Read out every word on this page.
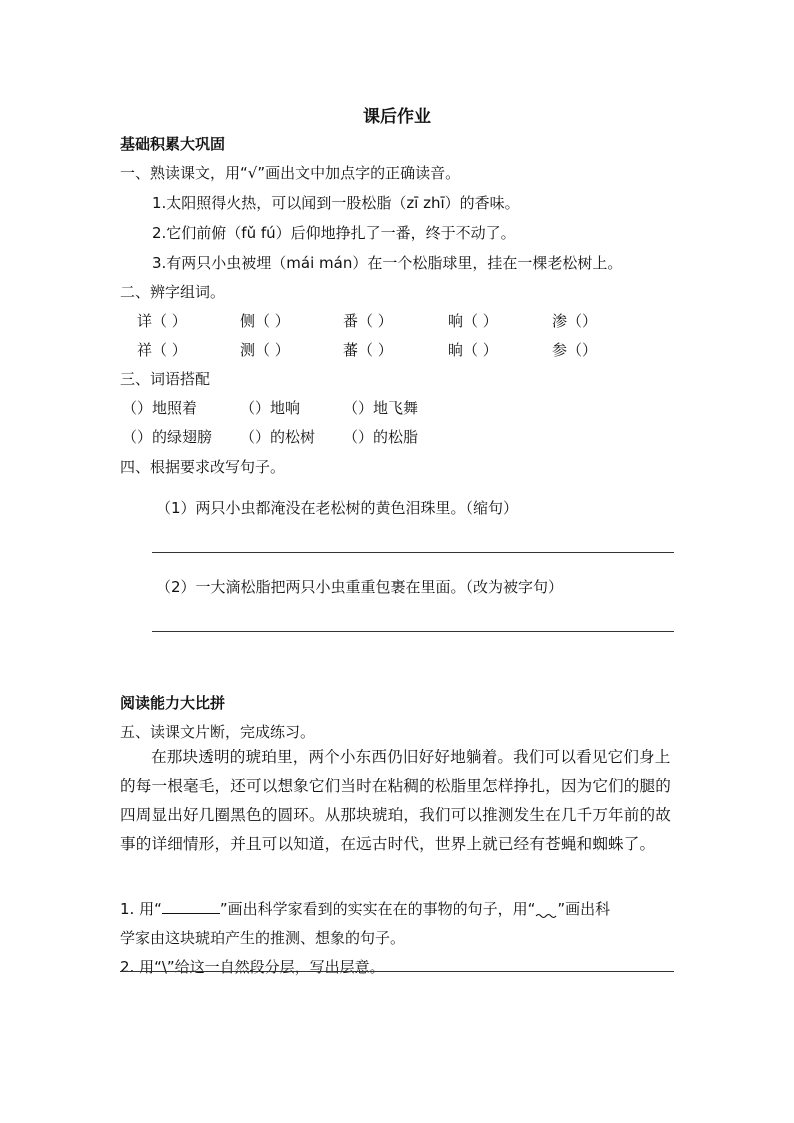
课后作业
基础积累大巩固
一、熟读课文，用“√”画出文中加点字的正确读音。
1.太阳照得火热，可以闻到一股松脂（zī zhī）的香味。
2.它们前俯（fǔ fú）后仰地挣扎了一番，终于不动了。
3.有两只小虫被埋（mái mán）在一个松脂球里，挂在一棵老松树上。
二、辨字组词。
详（ ）	侧（ ）	番（ ）	响（ ）	渗（）
祥（ ）	测（ ）	蕃（ ）	晌（ ）	参（）
三、词语搭配
（）地照着	（）地响	（）地飞舞
（）的绿翅膀 （）的松树 （）的松脂
四、根据要求改写句子。
（1）两只小虫都淹没在老松树的黄色泪珠里。（缩句）
（2）一大滴松脂把两只小虫重重包裹在里面。（改为被字句）
阅读能力大比拼
五、读课文片断，完成练习。
在那块透明的琥珀里，两个小东西仍旧好好地躺着。我们可以看见它们身上的每一根毫毛，还可以想象它们当时在粘稠的松脂里怎样挣扎，因为它们的腿的四周显出好几圈黑色的圆环。从那块琥珀，我们可以推测发生在几千万年前的故事的详细情形，并且可以知道，在远古时代，世界上就已经有苍蝇和蜘蛛了。
1. 用“	”画出科学家看到的实实在在的事物的句子，用“ ”画出科
学家由这块琥珀产生的推测、想象的句子。
2. 用“\”给这一自然段分层，写出层意。
